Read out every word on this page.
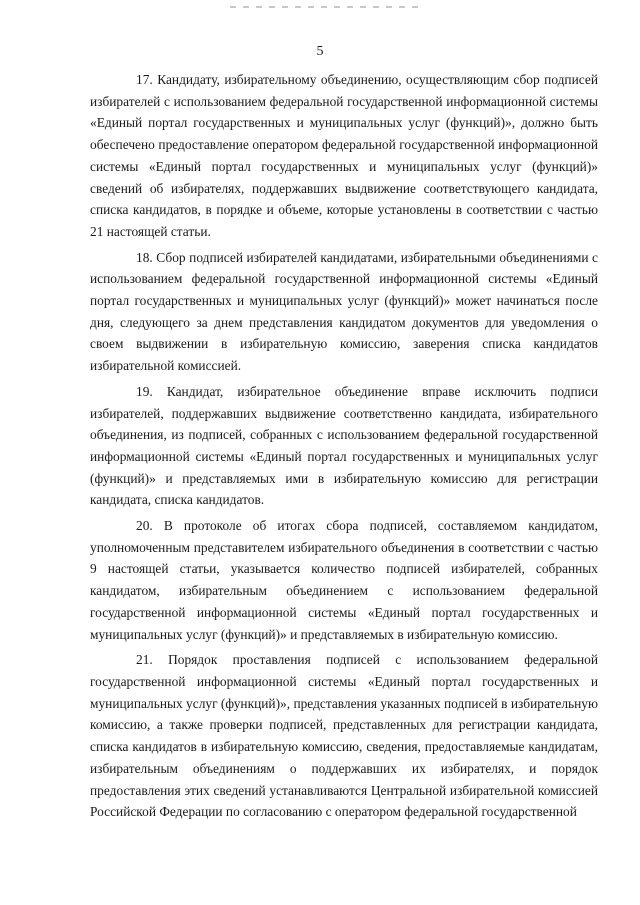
5

17. Кандидату, избирательному объединению, осуществляющим сбор подписей избирателей с использованием федеральной государственной информационной системы «Единый портал государственных и муниципальных услуг (функций)», должно быть обеспечено предоставление оператором федеральной государственной информационной системы «Единый портал государственных и муниципальных услуг (функций)» сведений об избирателях, поддержавших выдвижение соответствующего кандидата, списка кандидатов, в порядке и объеме, которые установлены в соответствии с частью 21 настоящей статьи.

18. Сбор подписей избирателей кандидатами, избирательными объединениями с использованием федеральной государственной информационной системы «Единый портал государственных и муниципальных услуг (функций)» может начинаться после дня, следующего за днем представления кандидатом документов для уведомления о своем выдвижении в избирательную комиссию, заверения списка кандидатов избирательной комиссией.

19. Кандидат, избирательное объединение вправе исключить подписи избирателей, поддержавших выдвижение соответственно кандидата, избирательного объединения, из подписей, собранных с использованием федеральной государственной информационной системы «Единый портал государственных и муниципальных услуг (функций)» и представляемых ими в избирательную комиссию для регистрации кандидата, списка кандидатов.

20. В протоколе об итогах сбора подписей, составляемом кандидатом, уполномоченным представителем избирательного объединения в соответствии с частью 9 настоящей статьи, указывается количество подписей избирателей, собранных кандидатом, избирательным объединением с использованием федеральной государственной информационной системы «Единый портал государственных и муниципальных услуг (функций)» и представляемых в избирательную комиссию.

21. Порядок проставления подписей с использованием федеральной государственной информационной системы «Единый портал государственных и муниципальных услуг (функций)», представления указанных подписей в избирательную комиссию, а также проверки подписей, представленных для регистрации кандидата, списка кандидатов в избирательную комиссию, сведения, предоставляемые кандидатам, избирательным объединениям о поддержавших их избирателях, и порядок предоставления этих сведений устанавливаются Центральной избирательной комиссией Российской Федерации по согласованию с оператором федеральной государственной
